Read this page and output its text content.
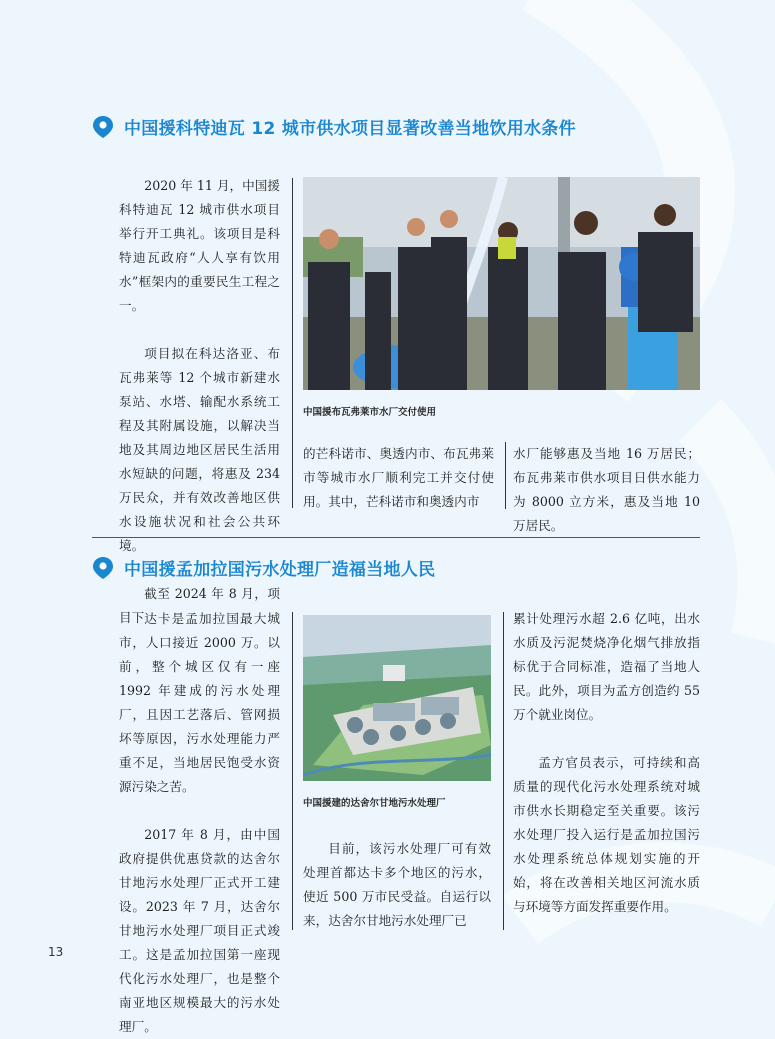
中国援科特迪瓦 12 城市供水项目显著改善当地饮用水条件

2020 年 11 月，中国援科特迪瓦 12 城市供水项目举行开工典礼。该项目是科特迪瓦政府“人人享有饮用水”框架内的重要民生工程之一。

项目拟在科达洛亚、布瓦弗莱等 12 个城市新建水泵站、水塔、输配水系统工程及其附属设施，以解决当地及其周边地区居民生活用水短缺的问题，将惠及 234 万民众，并有效改善地区供水设施状况和社会公共环境。

截至 2024 年 8 月，项目下

中国援布瓦弗莱市水厂交付使用

的芒科诺市、奥透内市、布瓦弗莱市等城市水厂顺利完工并交付使用。其中，芒科诺市和奥透内市

水厂能够惠及当地 16 万居民；布瓦弗莱市供水项目日供水能力为 8000 立方米，惠及当地 10 万居民。

中国援孟加拉国污水处理厂造福当地人民

达卡是孟加拉国最大城市，人口接近 2000 万。以前，整个城区仅有一座 1992 年建成的污水处理厂，且因工艺落后、管网损坏等原因，污水处理能力严重不足，当地居民饱受水资源污染之苦。

2017 年 8 月，由中国政府提供优惠贷款的达舍尔甘地污水处理厂正式开工建设。2023 年 7 月，达舍尔甘地污水处理厂项目正式竣工。这是孟加拉国第一座现代化污水处理厂，也是整个南亚地区规模最大的污水处理厂。

中国援建的达舍尔甘地污水处理厂

目前，该污水处理厂可有效处理首都达卡多个地区的污水，使近 500 万市民受益。自运行以来，达舍尔甘地污水处理厂已

累计处理污水超 2.6 亿吨，出水水质及污泥焚烧净化烟气排放指标优于合同标准，造福了当地人民。此外，项目为孟方创造约 55 万个就业岗位。

孟方官员表示，可持续和高质量的现代化污水处理系统对城市供水长期稳定至关重要。该污水处理厂投入运行是孟加拉国污水处理系统总体规划实施的开始，将在改善相关地区河流水质与环境等方面发挥重要作用。

13
